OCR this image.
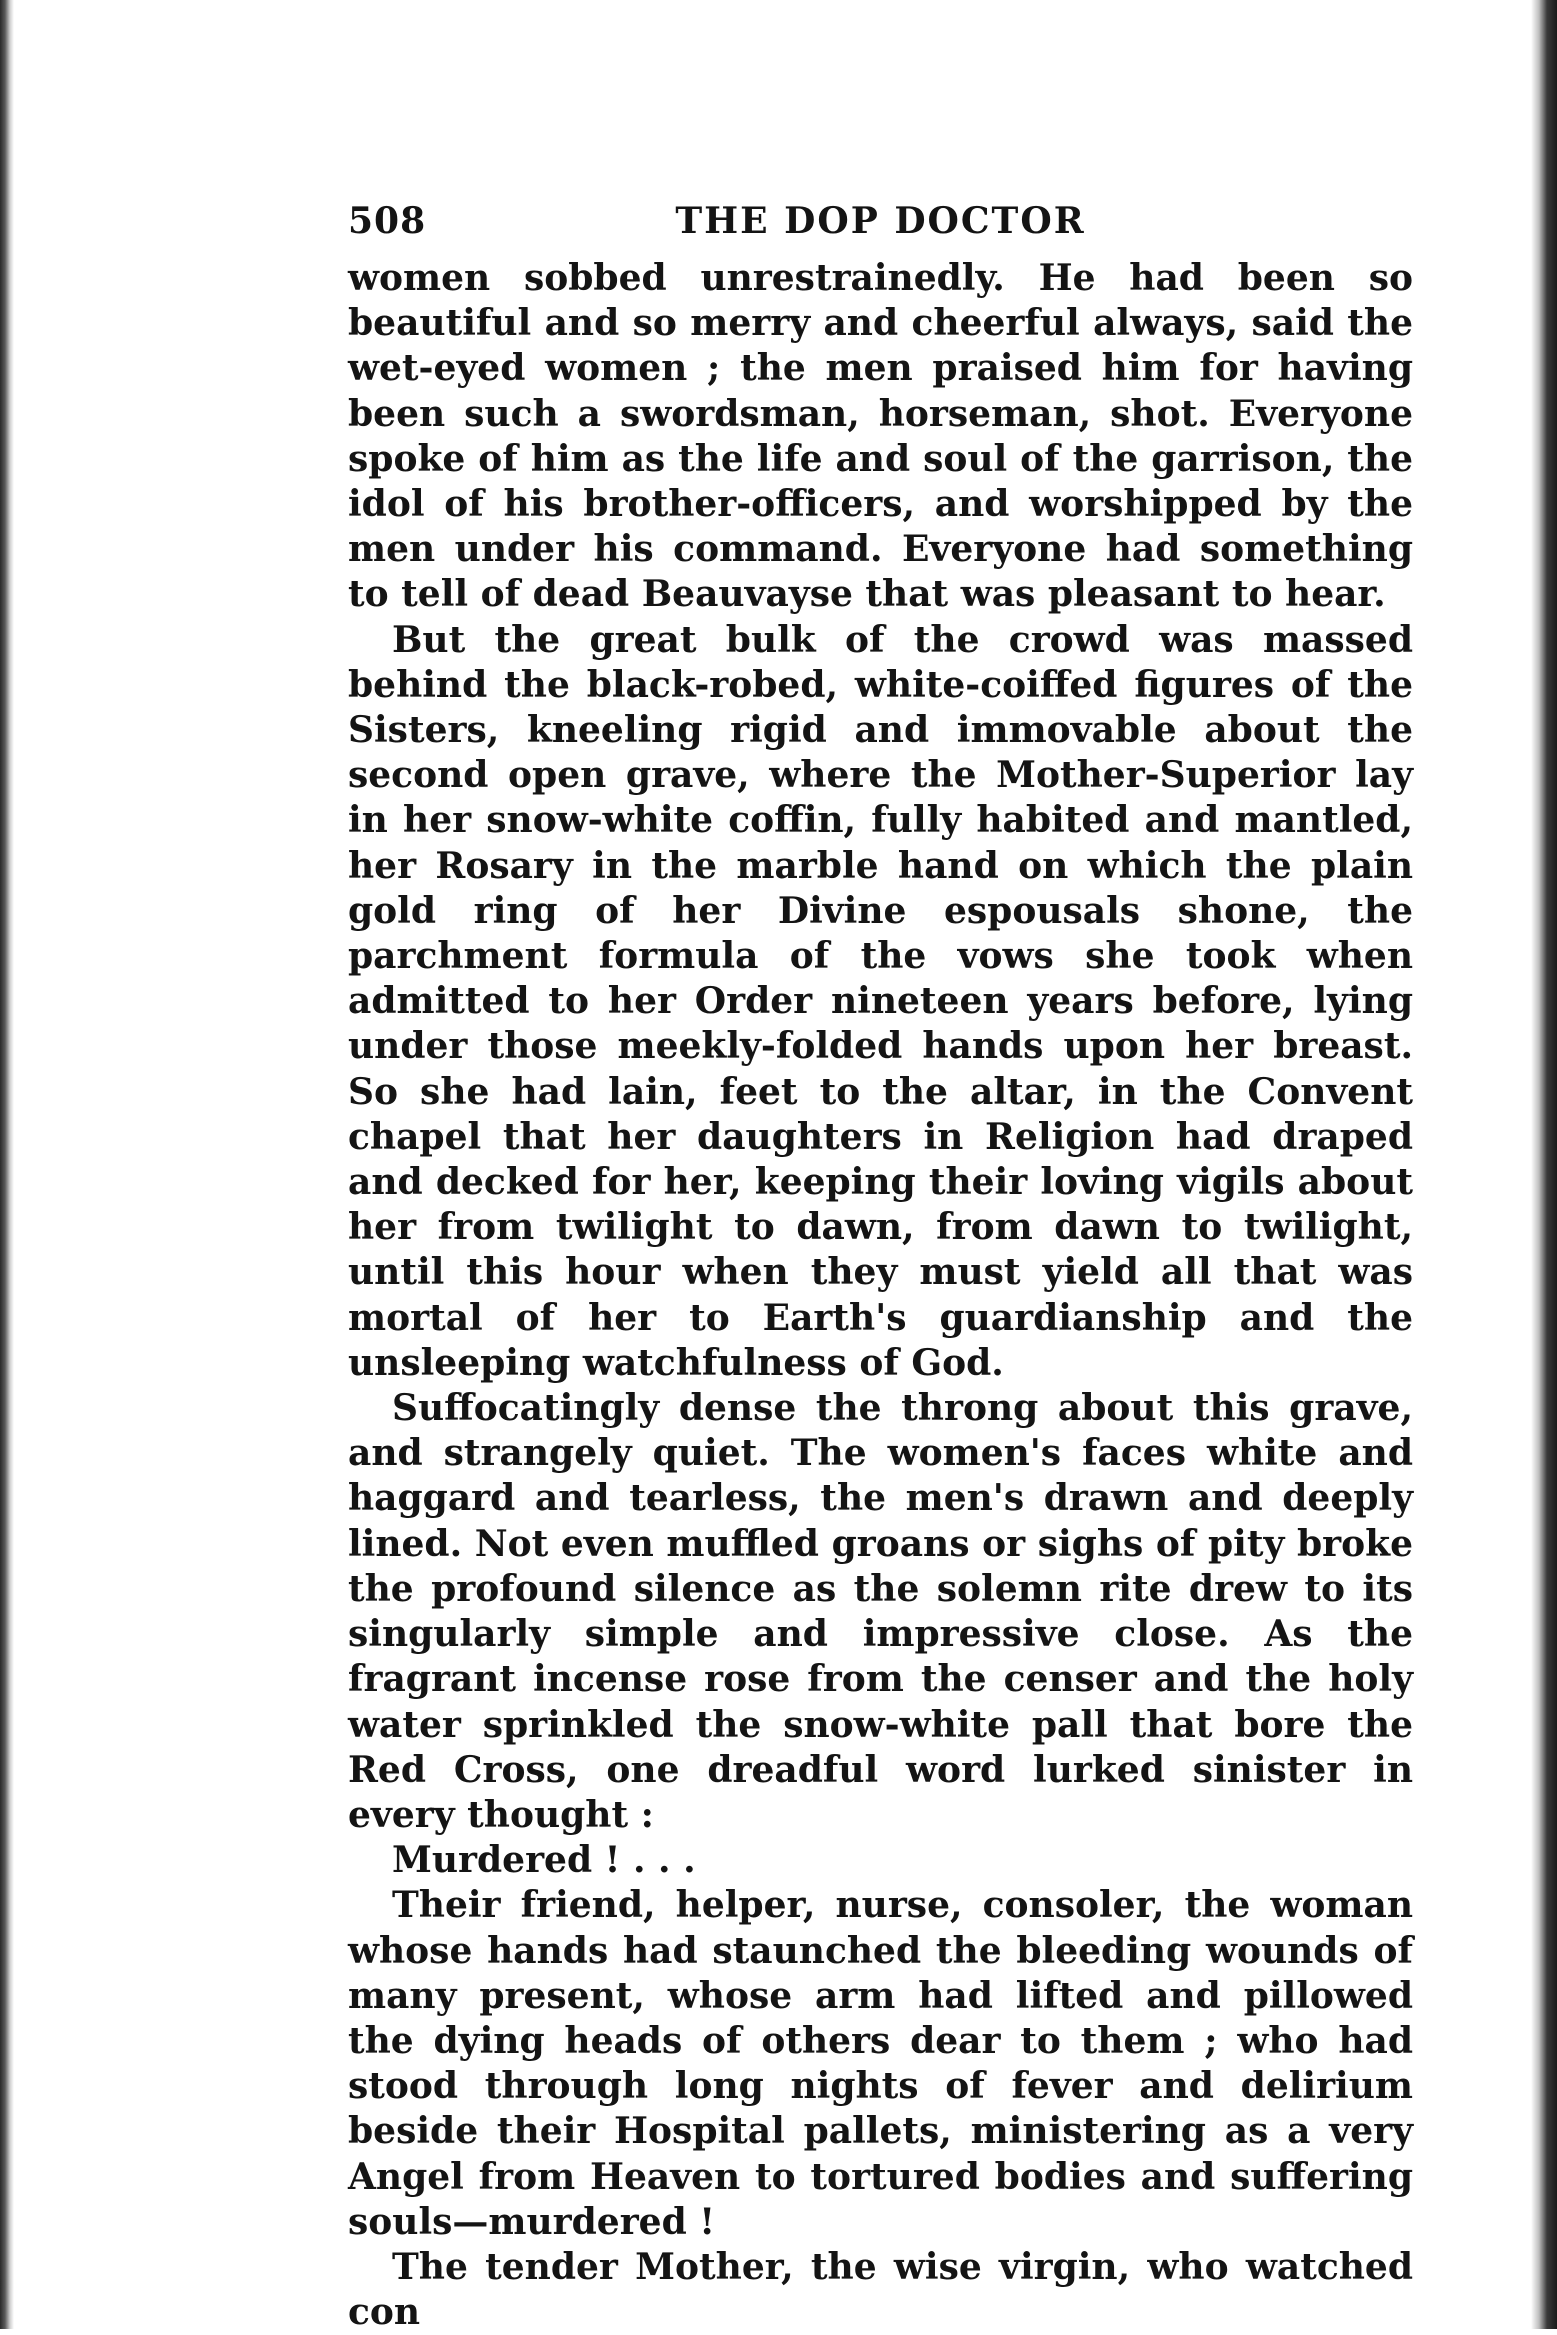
508	THE DOP DOCTOR

women sobbed unrestrainedly. He had been so beautiful and so merry and cheerful always, said the wet-eyed women ; the men praised him for having been such a swordsman, horseman, shot. Everyone spoke of him as the life and soul of the garrison, the idol of his brother-officers, and worshipped by the men under his command. Everyone had something to tell of dead Beauvayse that was pleasant to hear.

But the great bulk of the crowd was massed behind the black-robed, white-coiffed figures of the Sisters, kneeling rigid and immovable about the second open grave, where the Mother-Superior lay in her snow-white coffin, fully habited and mantled, her Rosary in the marble hand on which the plain gold ring of her Divine espousals shone, the parchment formula of the vows she took when admitted to her Order nineteen years before, lying under those meekly-folded hands upon her breast. So she had lain, feet to the altar, in the Convent chapel that her daughters in Religion had draped and decked for her, keeping their loving vigils about her from twilight to dawn, from dawn to twilight, until this hour when they must yield all that was mortal of her to Earth's guardianship and the unsleeping watchfulness of God.

Suffocatingly dense the throng about this grave, and strangely quiet. The women's faces white and haggard and tearless, the men's drawn and deeply lined. Not even muffled groans or sighs of pity broke the profound silence as the solemn rite drew to its singularly simple and impressive close. As the fragrant incense rose from the censer and the holy water sprinkled the snow-white pall that bore the Red Cross, one dreadful word lurked sinister in every thought :

Murdered ! . . .

Their friend, helper, nurse, consoler, the woman whose hands had staunched the bleeding wounds of many present, whose arm had lifted and pillowed the dying heads of others dear to them ; who had stood through long nights of fever and delirium beside their Hospital pallets, ministering as a very Angel from Heaven to tortured bodies and suffering souls—murdered !

The tender Mother, the wise virgin, who watched con
